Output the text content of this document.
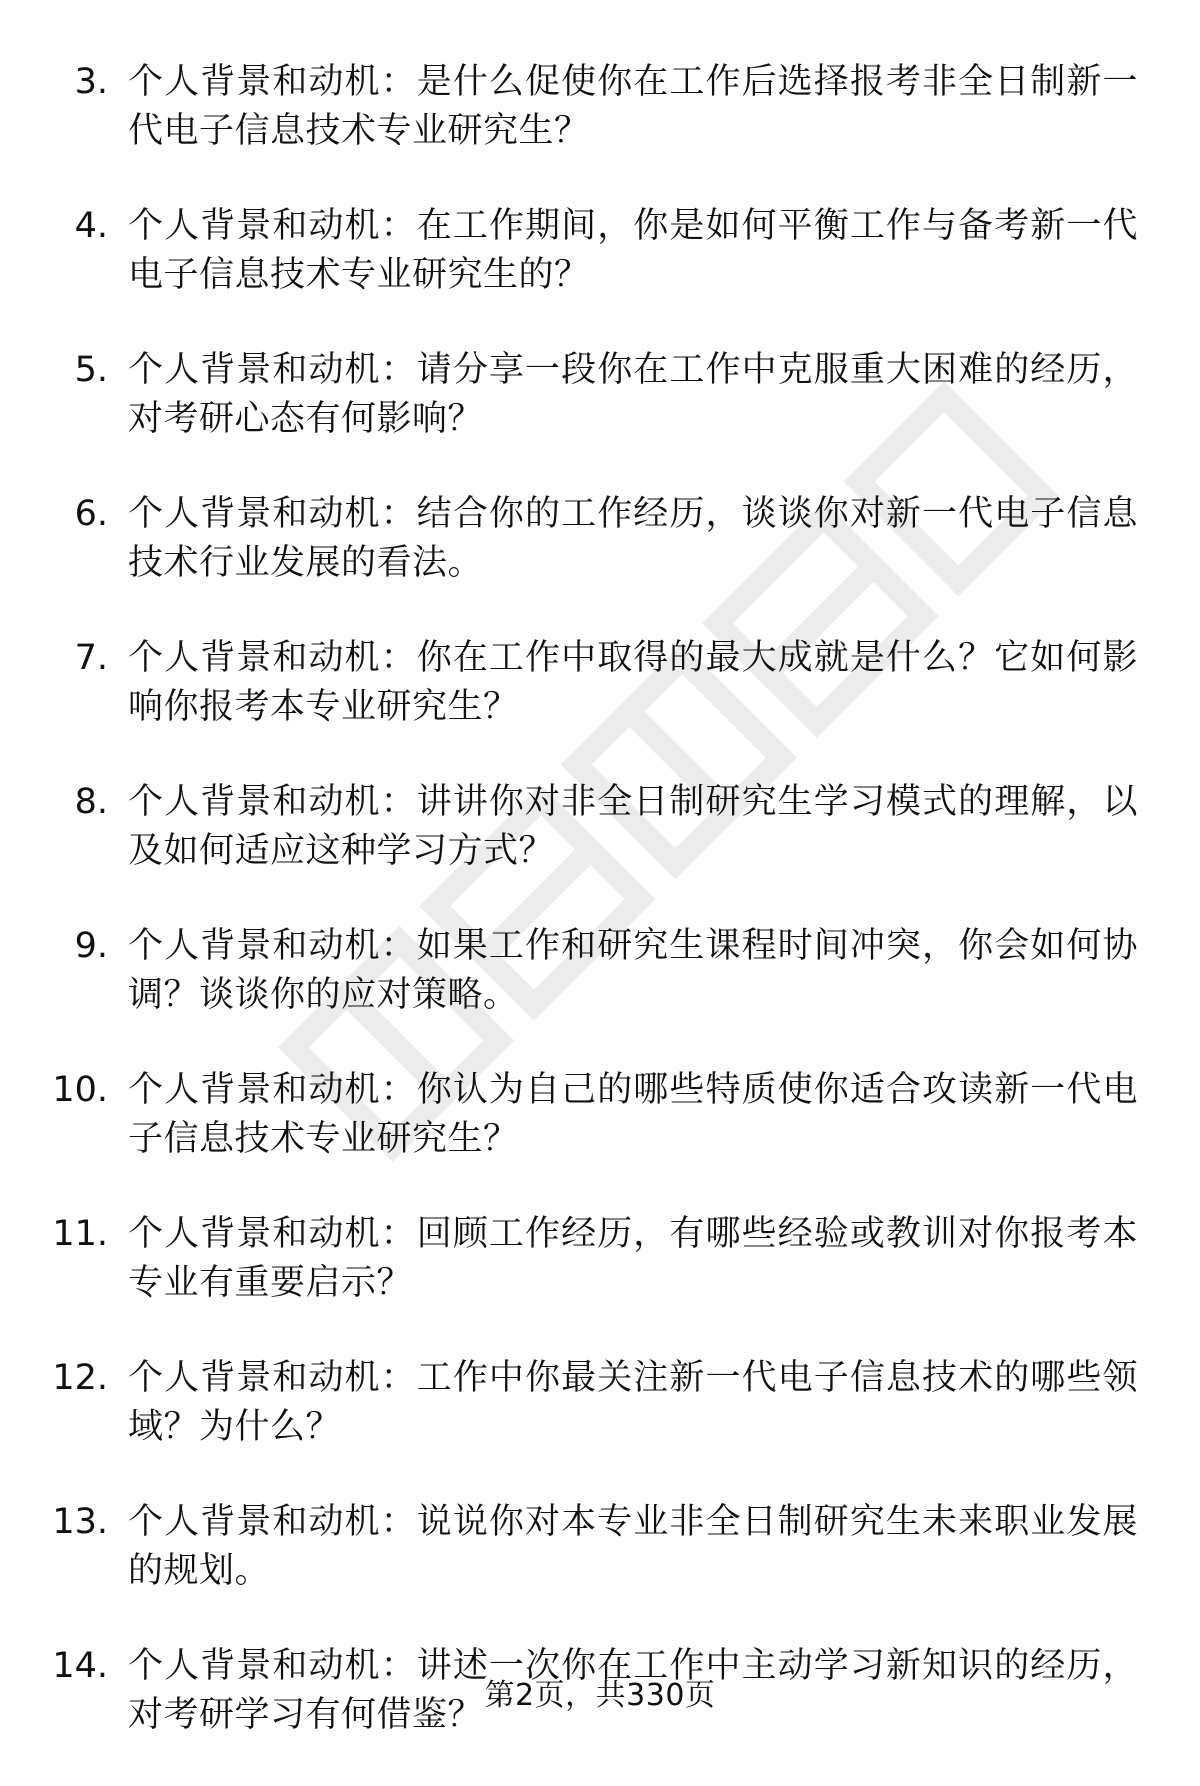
3. 个人背景和动机：是什么促使你在工作后选择报考非全日制新一代电子信息技术专业研究生？
4. 个人背景和动机：在工作期间，你是如何平衡工作与备考新一代电子信息技术专业研究生的？
5. 个人背景和动机：请分享一段你在工作中克服重大困难的经历，对考研心态有何影响？
6. 个人背景和动机：结合你的工作经历，谈谈你对新一代电子信息技术行业发展的看法。
7. 个人背景和动机：你在工作中取得的最大成就是什么？它如何影响你报考本专业研究生？
8. 个人背景和动机：讲讲你对非全日制研究生学习模式的理解，以及如何适应这种学习方式？
9. 个人背景和动机：如果工作和研究生课程时间冲突，你会如何协调？谈谈你的应对策略。
10. 个人背景和动机：你认为自己的哪些特质使你适合攻读新一代电子信息技术专业研究生？
11. 个人背景和动机：回顾工作经历，有哪些经验或教训对你报考本专业有重要启示？
12. 个人背景和动机：工作中你最关注新一代电子信息技术的哪些领域？为什么？
13. 个人背景和动机：说说你对本专业非全日制研究生未来职业发展的规划。
14. 个人背景和动机：讲述一次你在工作中主动学习新知识的经历，对考研学习有何借鉴？ 第2页，共330页
